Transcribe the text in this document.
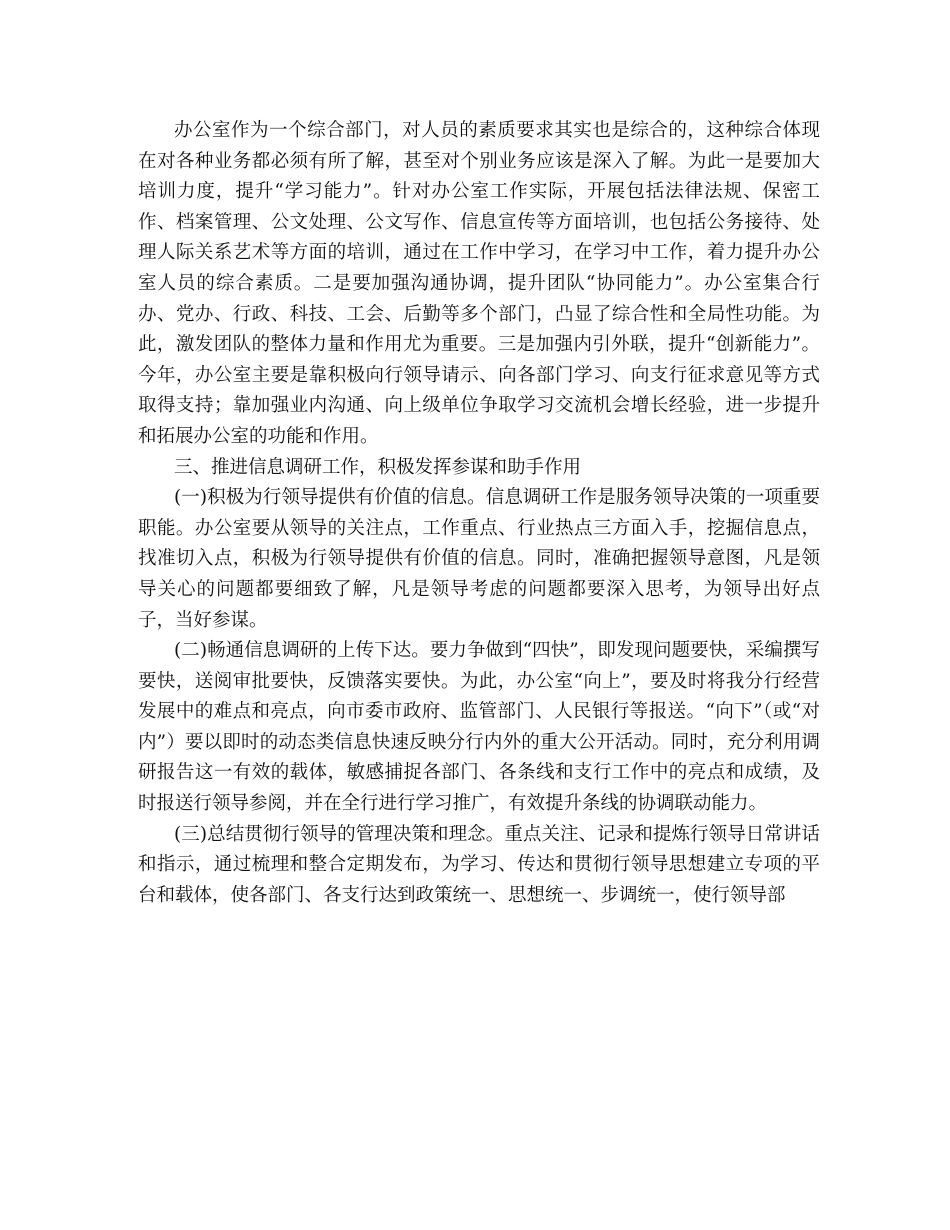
办公室作为一个综合部门，对人员的素质要求其实也是综合的，这种综合体现在对各种业务都必须有所了解，甚至对个别业务应该是深入了解。为此一是要加大培训力度，提升“学习能力”。针对办公室工作实际，开展包括法律法规、保密工作、档案管理、公文处理、公文写作、信息宣传等方面培训，也包括公务接待、处理人际关系艺术等方面的培训，通过在工作中学习，在学习中工作，着力提升办公室人员的综合素质。二是要加强沟通协调，提升团队“协同能力”。办公室集合行办、党办、行政、科技、工会、后勤等多个部门，凸显了综合性和全局性功能。为此，激发团队的整体力量和作用尤为重要。三是加强内引外联，提升“创新能力”。今年，办公室主要是靠积极向行领导请示、向各部门学习、向支行征求意见等方式取得支持；靠加强业内沟通、向上级单位争取学习交流机会增长经验，进一步提升和拓展办公室的功能和作用。

三、推进信息调研工作，积极发挥参谋和助手作用

(一)积极为行领导提供有价值的信息。信息调研工作是服务领导决策的一项重要职能。办公室要从领导的关注点，工作重点、行业热点三方面入手，挖掘信息点，找准切入点，积极为行领导提供有价值的信息。同时，准确把握领导意图，凡是领导关心的问题都要细致了解，凡是领导考虑的问题都要深入思考，为领导出好点子，当好参谋。

(二)畅通信息调研的上传下达。要力争做到“四快”，即发现问题要快，采编撰写要快，送阅审批要快，反馈落实要快。为此，办公室“向上”，要及时将我分行经营发展中的难点和亮点，向市委市政府、监管部门、人民银行等报送。“向下”（或“对内”）要以即时的动态类信息快速反映分行内外的重大公开活动。同时，充分利用调研报告这一有效的载体，敏感捕捉各部门、各条线和支行工作中的亮点和成绩，及时报送行领导参阅，并在全行进行学习推广，有效提升条线的协调联动能力。

(三)总结贯彻行领导的管理决策和理念。重点关注、记录和提炼行领导日常讲话和指示，通过梳理和整合定期发布，为学习、传达和贯彻行领导思想建立专项的平台和载体，使各部门、各支行达到政策统一、思想统一、步调统一，使行领导部
